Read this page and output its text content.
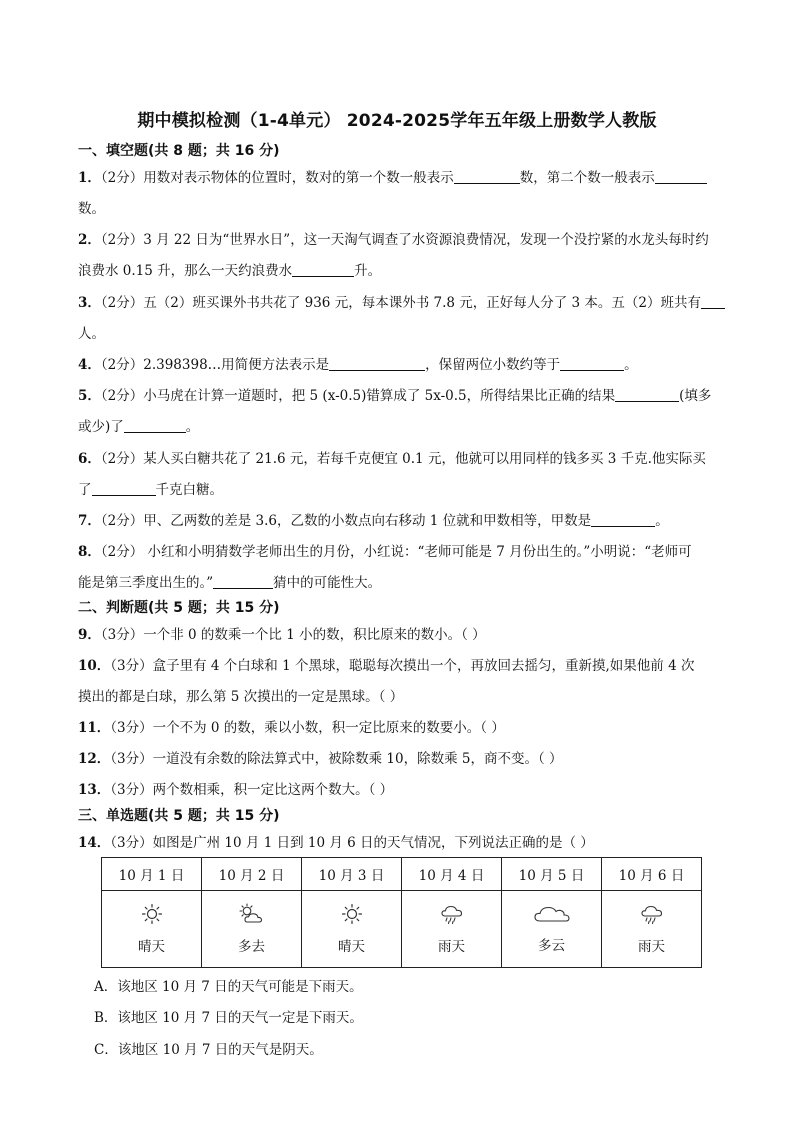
期中模拟检测（1-4单元） 2024-2025学年五年级上册数学人教版
一、填空题(共 8 题；共 16 分)
1．（2分）用数对表示物体的位置时，数对的第一个数一般表示	数，第二个数一般表示
数。
2．（2分）3 月 22 日为“世界水日”，这一天淘气调查了水资源浪费情况，发现一个没拧紧的水龙头每时约
浪费水 0.15 升，那么一天约浪费水	升。
3．（2分）五（2）班买课外书共花了 936 元，每本课外书 7.8 元，正好每人分了 3 本。五（2）班共有
人。
4．（2分）2.398398…用简便方法表示是	，保留两位小数约等于	。
5．（2分）小马虎在计算一道题时，把 5 (x-0.5)错算成了 5x-0.5，所得结果比正确的结果	(填多
或少)了	。
6．（2分）某人买白糖共花了 21.6 元，若每千克便宜 0.1 元，他就可以用同样的钱多买 3 千克.他实际买
了	千克白糖。
7．（2分）甲、乙两数的差是 3.6，乙数的小数点向右移动 1 位就和甲数相等，甲数是	。
8．（2分） 小红和小明猜数学老师出生的月份，小红说：“老师可能是 7 月份出生的。”小明说：“老师可
能是第三季度出生的。”	猜中的可能性大。
二、判断题(共 5 题；共 15 分)
9．（3分）一个非 0 的数乘一个比 1 小的数，积比原来的数小。（ ）
10．（3分）盒子里有 4 个白球和 1 个黑球，聪聪每次摸出一个，再放回去摇匀，重新摸,如果他前 4 次
摸出的都是白球，那么第 5 次摸出的一定是黑球。（ ）
11．（3分）一个不为 0 的数，乘以小数，积一定比原来的数要小。（ ）
12．（3分）一道没有余数的除法算式中，被除数乘 10，除数乘 5，商不变。（ ）
13．（3分）两个数相乘，积一定比这两个数大。（ ）
三、单选题(共 5 题；共 15 分)
14．（3分）如图是广州 10 月 1 日到 10 月 6 日的天气情况，下列说法正确的是（ ）
10 月 1 日	10 月 2 日	10 月 3 日	10 月 4 日	10 月 5 日	10 月 6 日

晴天	多去	晴天	雨天	多云	雨天
A．该地区 10 月 7 日的天气可能是下雨天。
B．该地区 10 月 7 日的天气一定是下雨天。
C．该地区 10 月 7 日的天气是阴天。
